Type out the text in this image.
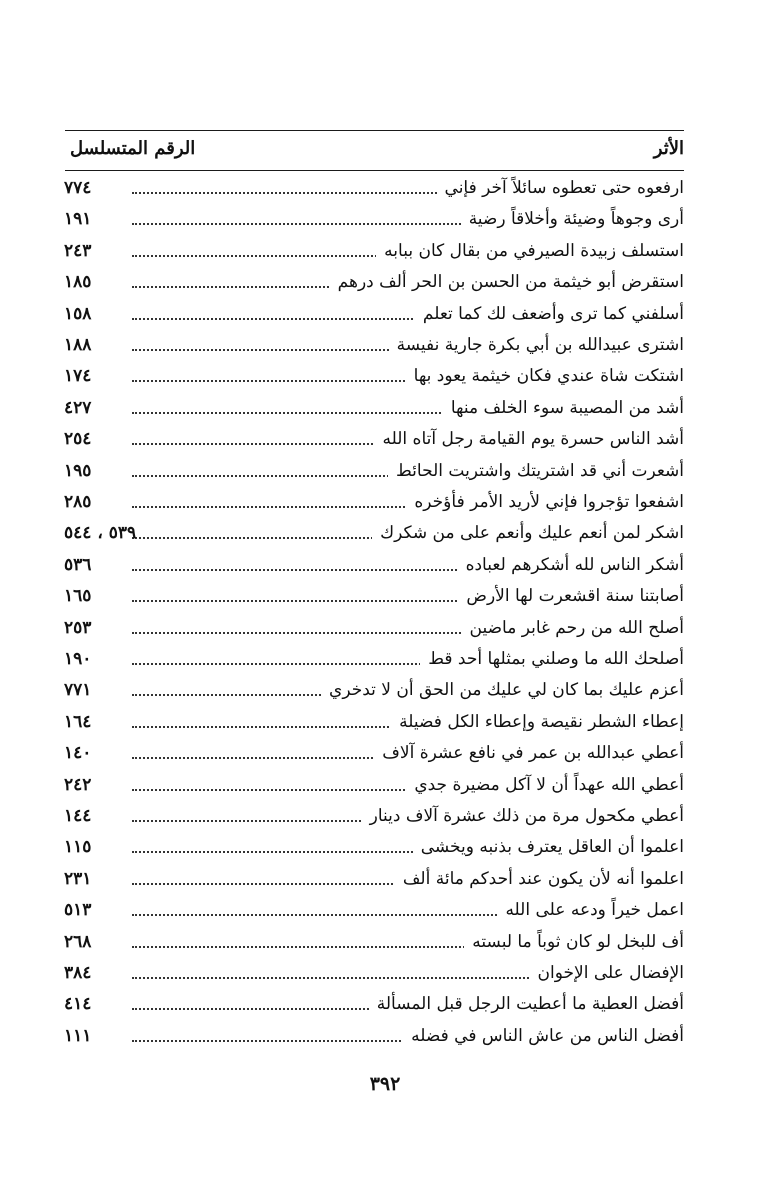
الأثر
الرقم المتسلسل
ارفعوه حتى تعطوه سائلاً آخر فإني
٧٧٤
أرى وجوهاً وضيئة وأخلاقاً رضية
١٩١
استسلف زبيدة الصيرفي من بقال كان ببابه
٢٤٣
استقرض أبو خيثمة من الحسن بن الحر ألف درهم
١٨٥
أسلفني كما ترى وأضعف لك كما تعلم
١٥٨
اشترى عبيدالله بن أبي بكرة جارية نفيسة
١٨٨
اشتكت شاة عندي فكان خيثمة يعود بها
١٧٤
أشد من المصيبة سوء الخلف منها
٤٢٧
أشد الناس حسرة يوم القيامة رجل آتاه الله
٢٥٤
أشعرت أني قد اشتريتك واشتريت الحائط
١٩٥
اشفعوا تؤجروا فإني لأريد الأمر فأؤخره
٢٨٥
اشكر لمن أنعم عليك وأنعم على من شكرك
٥٣٩ ، ٥٤٤
أشكر الناس لله أشكرهم لعباده
٥٣٦
أصابتنا سنة اقشعرت لها الأرض
١٦٥
أصلح الله من رحم غابر ماضين
٢٥٣
أصلحك الله ما وصلني بمثلها أحد قط
١٩٠
أعزم عليك بما كان لي عليك من الحق أن لا تدخري
٧٧١
إعطاء الشطر نقيصة وإعطاء الكل فضيلة
١٦٤
أعطي عبدالله بن عمر في نافع عشرة آلاف
١٤٠
أعطي الله عهداً أن لا آكل مضيرة جدي
٢٤٢
أعطي مكحول مرة من ذلك عشرة آلاف دينار
١٤٤
اعلموا أن العاقل يعترف بذنبه ويخشى
١١٥
اعلموا أنه لأن يكون عند أحدكم مائة ألف
٢٣١
اعمل خيراً ودعه على الله
٥١٣
أف للبخل لو كان ثوباً ما لبسته
٢٦٨
الإفضال على الإخوان
٣٨٤
أفضل العطية ما أعطيت الرجل قبل المسألة
٤١٤
أفضل الناس من عاش الناس في فضله
١١١
٣٩٢
